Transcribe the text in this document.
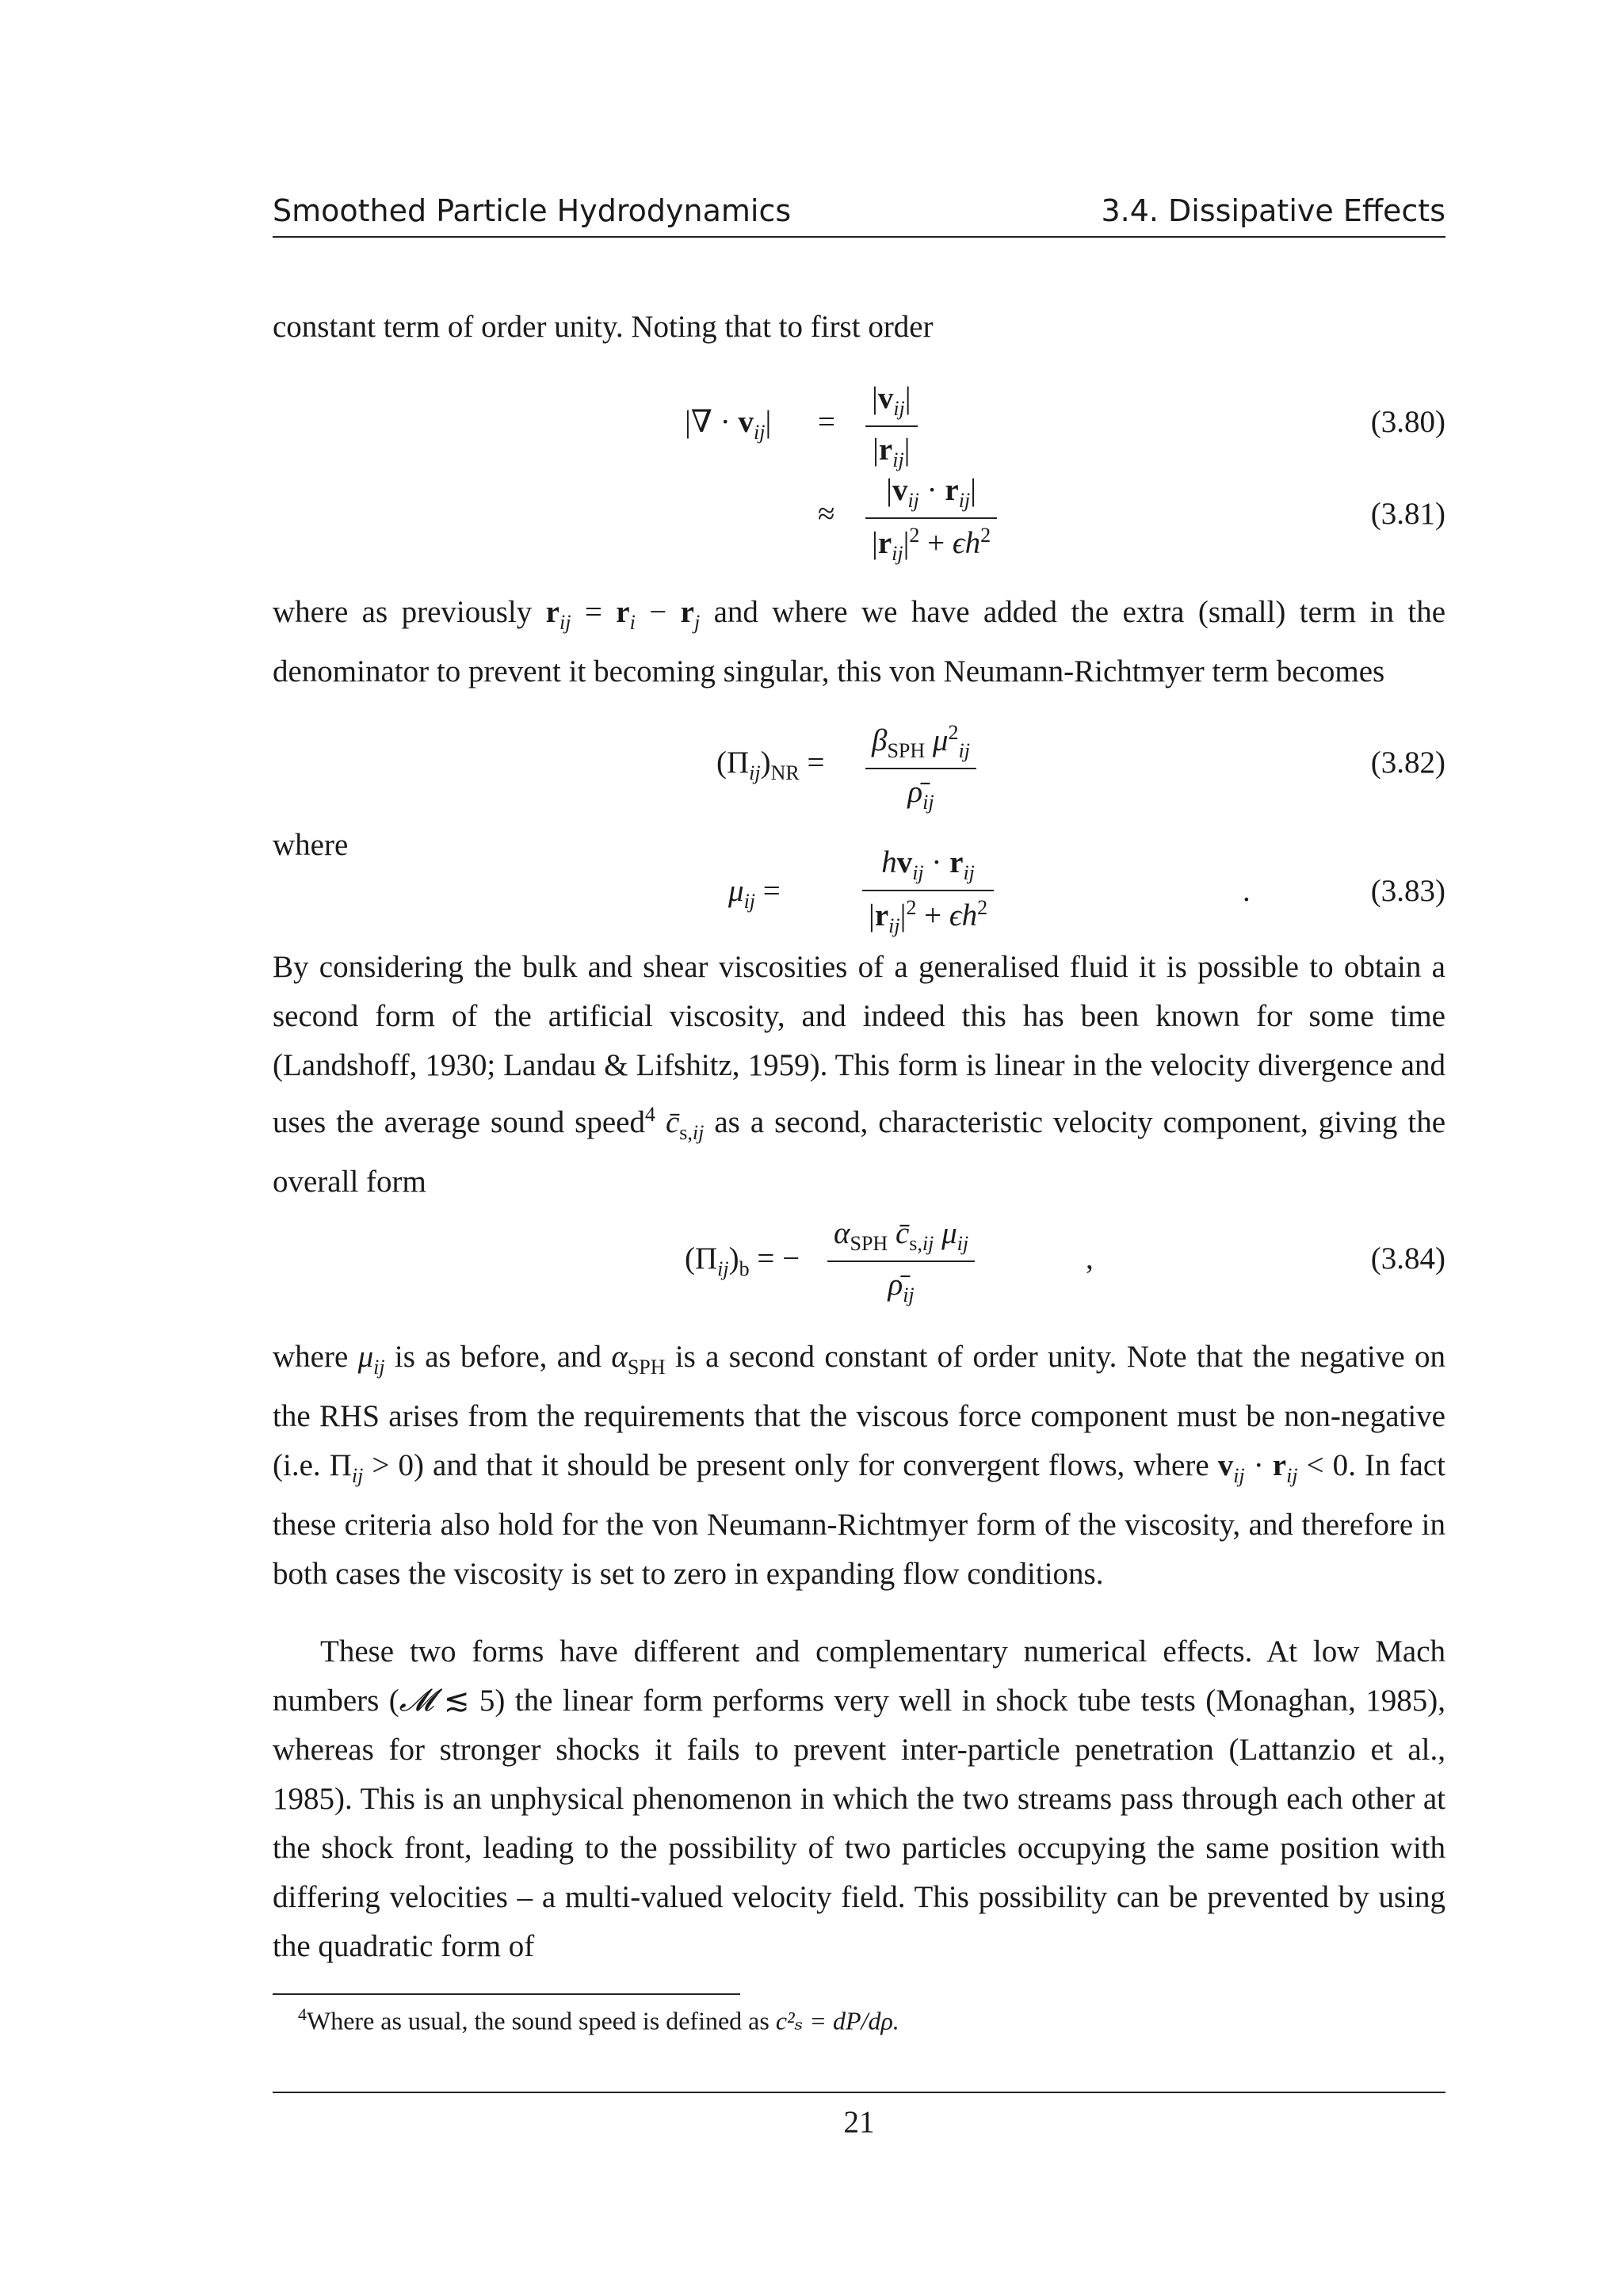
Smoothed Particle Hydrodynamics	3.4. Dissipative Effects
constant term of order unity. Noting that to first order
|∇ · $v_{ij}|$ =
$|v_{ij}|$
$|r_{ij}|$
(3.80)
≈
$|v_{ij} \cdot r_{ij}|$
$|r_{ij}|^2 + \epsilon h^2$
(3.81)
where as previously $r_{ij} = r_i - r_j$ and where we have added the extra (small) term in the denominator to prevent it becoming singular, this von Neumann-Richtmyer term becomes
$(\Pi_{ij})_{NR}$ =
$\beta_{SPH}$ $\mu^2_{ij}$
$\rhō_{ij}$
(3.82)
where
$\mu_{ij}$ =
$hv_{ij} \cdot r_{ij}$
$|r_{ij}|^2 + \epsilon h^2$	.	(3.83)
By considering the bulk and shear viscosities of a generalised fluid it is possible to obtain a second form of the artificial viscosity, and indeed this has been known for some time (Landshoff, 1930; Landau & Lifshitz, 1959). This form is linear in the velocity divergence and uses the average sound speed$^4$ $c̄_{s,ij}$ as a second, characteristic velocity component, giving the overall form
$(\Pi_{ij})_b$ = −
$\alpha_{SPH}$ $c̄_{s,ij}$ $\mu_{ij}$
$\rhō_{ij}$
,	(3.84)
where $\mu_{ij}$ is as before, and $\alpha_{SPH}$ is a second constant of order unity. Note that the negative on the RHS arises from the requirements that the viscous force component must be non-negative (i.e. $\Pi_{ij} > 0$) and that it should be present only for convergent flows, where $v_{ij} \cdot r_{ij} < 0$. In fact these criteria also hold for the von Neumann-Richtmyer form of the viscosity, and therefore in both cases the viscosity is set to zero in expanding flow conditions.
These two forms have different and complementary numerical effects. At low Mach numbers (𝓜 ≲ 5) the linear form performs very well in shock tube tests (Monaghan, 1985), whereas for stronger shocks it fails to prevent inter-particle penetration (Lattanzio et al., 1985). This is an unphysical phenomenon in which the two streams pass through each other at the shock front, leading to the possibility of two particles occupying the same position with differing velocities – a multi-valued velocity field. This possibility can be prevented by using the quadratic form of
$^4$Where as usual, the sound speed is defined as c²ₛ = dP/dρ.
21
